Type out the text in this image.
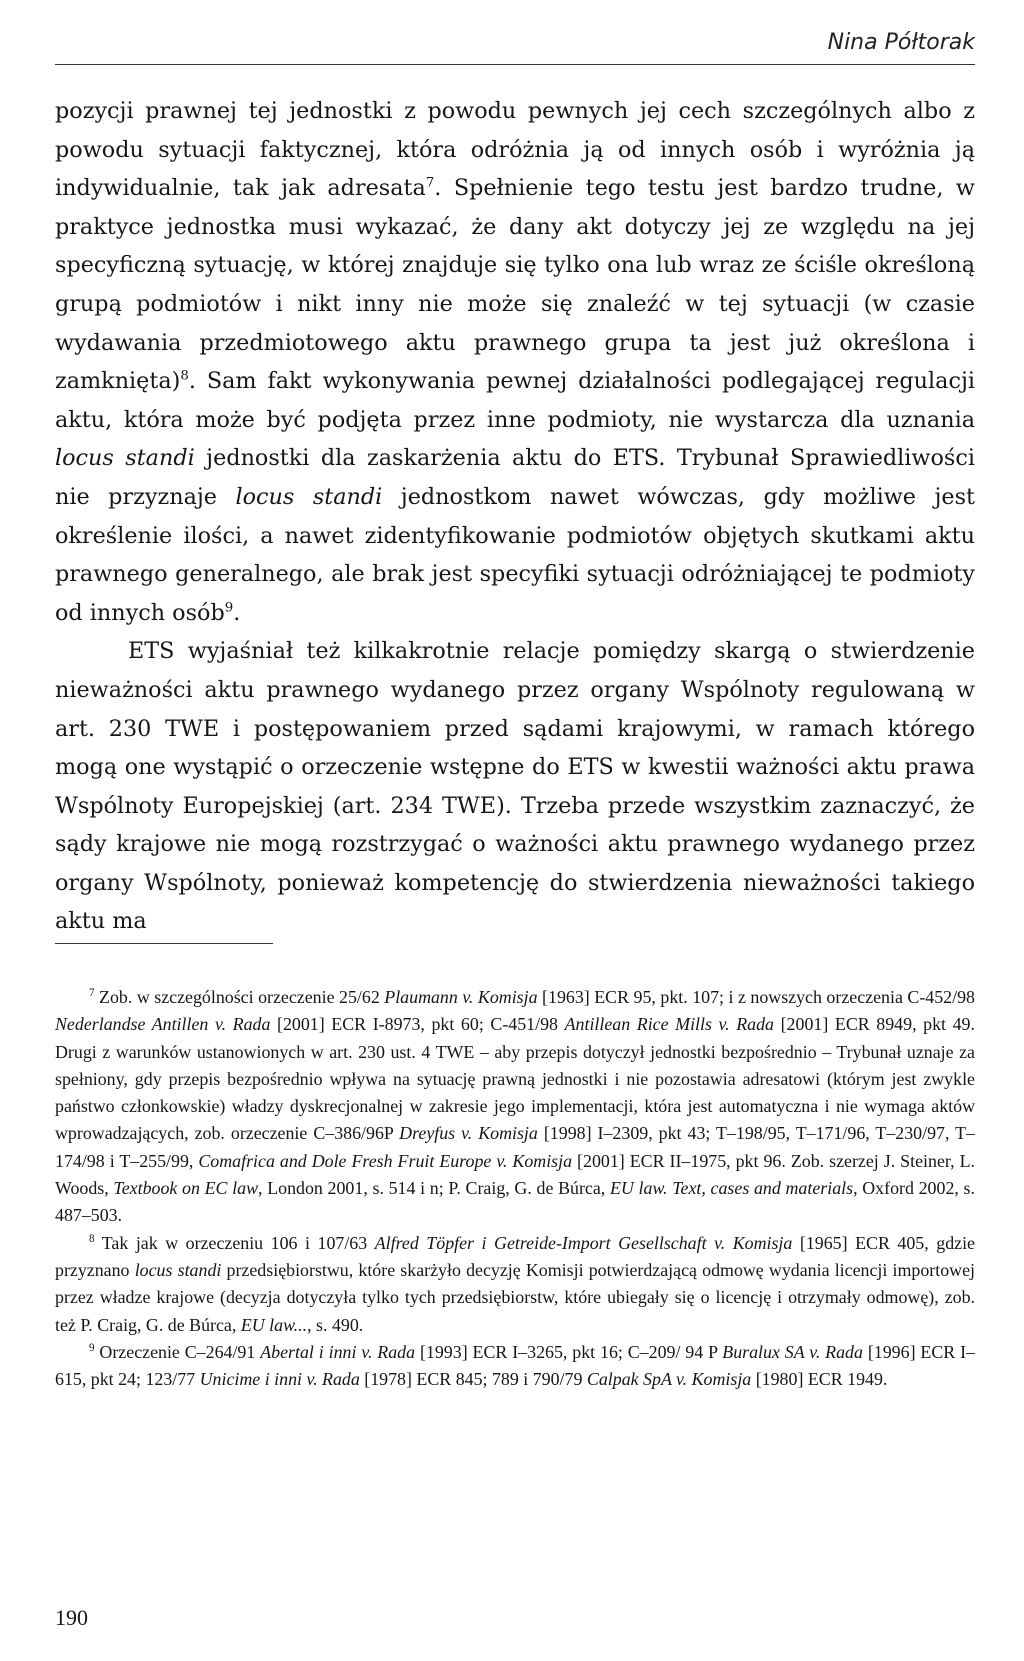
Nina Półtorak

pozycji prawnej tej jednostki z powodu pewnych jej cech szczególnych albo z powodu sytuacji faktycznej, która odróżnia ją od innych osób i wyróżnia ją indywidualnie, tak jak adresata$^7$. Spełnienie tego testu jest bardzo trudne, w praktyce jednostka musi wykazać, że dany akt dotyczy jej ze względu na jej specyficzną sytuację, w której znajduje się tylko ona lub wraz ze ściśle określoną grupą podmiotów i nikt inny nie może się znaleźć w tej sytuacji (w czasie wydawania przedmiotowego aktu prawnego grupa ta jest już określona i zamknięta)$^8$. Sam fakt wykonywania pewnej działalności podlegającej regulacji aktu, która może być podjęta przez inne podmioty, nie wystarcza dla uznania locus standi jednostki dla zaskarżenia aktu do ETS. Trybunał Sprawiedliwości nie przyznaje locus standi jednostkom nawet wówczas, gdy możliwe jest określenie ilości, a nawet zidentyfikowanie podmiotów objętych skutkami aktu prawnego generalnego, ale brak jest specyfiki sytuacji odróżniającej te podmioty od innych osób$^9$.

ETS wyjaśniał też kilkakrotnie relacje pomiędzy skargą o stwierdzenie nieważności aktu prawnego wydanego przez organy Wspólnoty regulowaną w art. 230 TWE i postępowaniem przed sądami krajowymi, w ramach którego mogą one wystąpić o orzeczenie wstępne do ETS w kwestii ważności aktu prawa Wspólnoty Europejskiej (art. 234 TWE). Trzeba przede wszystkim zaznaczyć, że sądy krajowe nie mogą rozstrzygać o ważności aktu prawnego wydanego przez organy Wspólnoty, ponieważ kompetencję do stwierdzenia nieważności takiego aktu ma

$^7$ Zob. w szczególności orzeczenie 25/62 Plaumann v. Komisja [1963] ECR 95, pkt. 107; i z nowszych orzeczenia C-452/98 Nederlandse Antillen v. Rada [2001] ECR I-8973, pkt 60; C-451/98 Antillean Rice Mills v. Rada [2001] ECR 8949, pkt 49. Drugi z warunków ustanowionych w art. 230 ust. 4 TWE – aby przepis dotyczył jednostki bezpośrednio – Trybunał uznaje za spełniony, gdy przepis bezpośrednio wpływa na sytuację prawną jednostki i nie pozostawia adresatowi (którym jest zwykle państwo członkowskie) władzy dyskrecjonalnej w zakresie jego implementacji, która jest automatyczna i nie wymaga aktów wprowadzających, zob. orzeczenie C–386/96P Dreyfus v. Komisja [1998] I–2309, pkt 43; T–198/95, T–171/96, T–230/97, T–174/98 i T–255/99, Comafrica and Dole Fresh Fruit Europe v. Komisja [2001] ECR II–1975, pkt 96. Zob. szerzej J. Steiner, L. Woods, Textbook on EC law, London 2001, s. 514 i n; P. Craig, G. de Búrca, EU law. Text, cases and materials, Oxford 2002, s. 487–503.

$^8$ Tak jak w orzeczeniu 106 i 107/63 Alfred Töpfer i Getreide-Import Gesellschaft v. Komisja [1965] ECR 405, gdzie przyznano locus standi przedsiębiorstwu, które skarżyło decyzję Komisji potwierdzającą odmowę wydania licencji importowej przez władze krajowe (decyzja dotyczyła tylko tych przedsiębiorstw, które ubiegały się o licencję i otrzymały odmowę), zob. też P. Craig, G. de Búrca, EU law..., s. 490.

$^9$ Orzeczenie C–264/91 Abertal i inni v. Rada [1993] ECR I–3265, pkt 16; C–209/ 94 P Buralux SA v. Rada [1996] ECR I–615, pkt 24; 123/77 Unicime i inni v. Rada [1978] ECR 845; 789 i 790/79 Calpak SpA v. Komisja [1980] ECR 1949.

190
